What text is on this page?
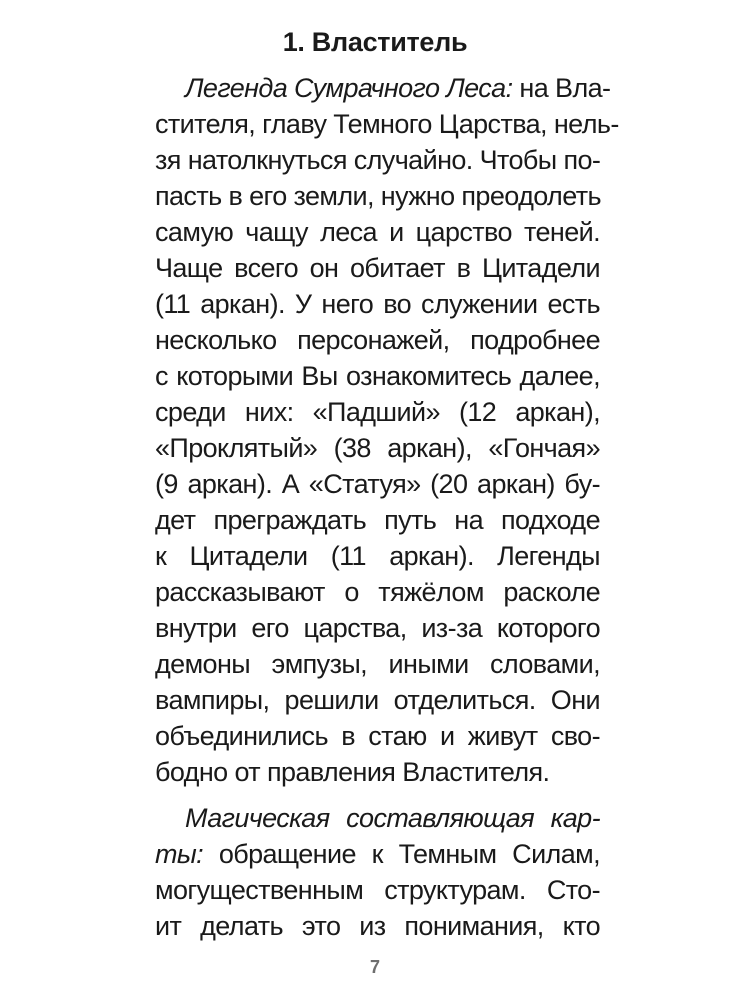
1. Властитель
Легенда Сумрачного Леса: на Вла-
стителя, главу Темного Царства, нель-
зя натолкнуться случайно. Чтобы по-
пасть в его земли, нужно преодолеть
самую чащу леса и царство теней.
Чаще всего он обитает в Цитадели
(11 аркан). У него во служении есть
несколько персонажей, подробнее
с которыми Вы ознакомитесь далее,
среди них: «Падший» (12 аркан),
«Проклятый» (38 аркан), «Гончая»
(9 аркан). А «Статуя» (20 аркан) бу-
дет преграждать путь на подходе
к Цитадели (11 аркан). Легенды
рассказывают о тяжёлом расколе
внутри его царства, из-за которого
демоны эмпузы, иными словами,
вампиры, решили отделиться. Они
объединились в стаю и живут сво-
бодно от правления Властителя.
Магическая составляющая кар-
ты: обращение к Темным Силам,
могущественным структурам. Сто-
ит делать это из понимания, кто
7
